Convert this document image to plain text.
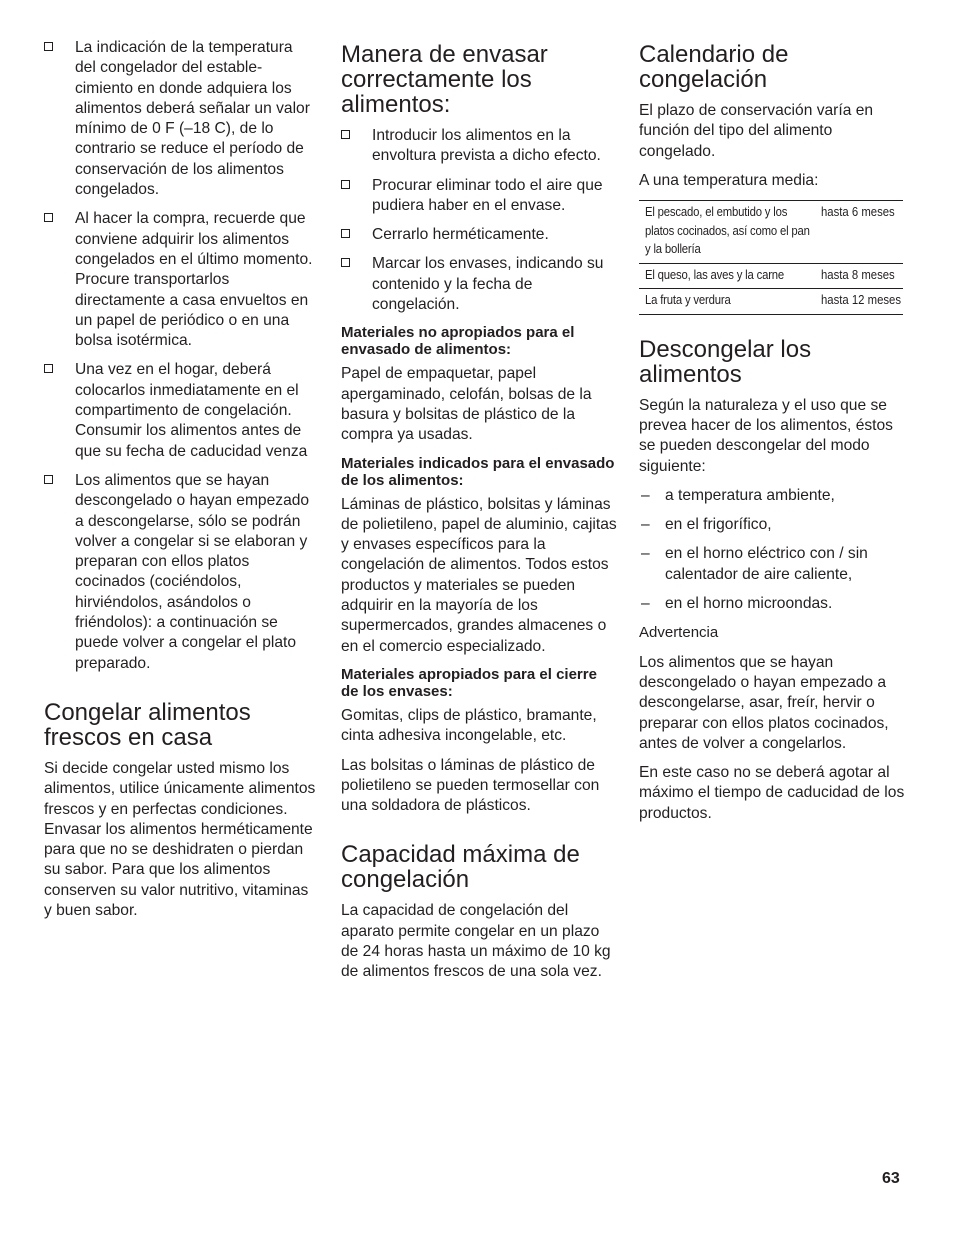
La indicación de la temperatura del congelador del estable- cimiento en donde adquiera los alimentos deberá señalar un valor mínimo de 0 F (–18 C), de lo contrario se reduce el período de conservación de los alimentos congelados.
Al hacer la compra, recuerde que conviene adquirir los alimentos congelados en el último momento. Procure transportarlos directamente a casa envueltos en un papel de periódico o en una bolsa isotérmica.
Una vez en el hogar, deberá colocarlos inmediatamente en el compartimento de congelación. Consumir los alimentos antes de que su fecha de caducidad venza
Los alimentos que se hayan descongelado o hayan empezado a descongelarse, sólo se podrán volver a congelar si se elaboran y preparan con ellos platos cocinados (cociéndolos, hirviéndolos, asándolos o friéndolos): a continuación se puede volver a congelar el plato preparado.
Congelar alimentos frescos en casa

Si decide congelar usted mismo los alimentos, utilice únicamente alimentos frescos y en perfectas condiciones. Envasar los alimentos herméticamente para que no se deshidraten o pierdan su sabor. Para que los alimentos conserven su valor nutritivo, vitaminas y buen sabor.

Manera de envasar correctamente los alimentos:
Introducir los alimentos en la envoltura prevista a dicho efecto.
Procurar eliminar todo el aire que pudiera haber en el envase.
Cerrarlo herméticamente.
Marcar los envases, indicando su contenido y la fecha de congelación.
Materiales no apropiados para el envasado de alimentos:

Papel de empaquetar, papel apergaminado, celofán, bolsas de la basura y bolsitas de plástico de la compra ya usadas.

Materiales indicados para el envasado de los alimentos:

Láminas de plástico, bolsitas y láminas de polietileno, papel de aluminio, cajitas y envases específicos para la congelación de alimentos. Todos estos productos y materiales se pueden adquirir en la mayoría de los supermercados, grandes almacenes o en el comercio especializado.

Materiales apropiados para el cierre de los envases:

Gomitas, clips de plástico, bramante, cinta adhesiva incongelable, etc.

Las bolsitas o láminas de plástico de polietileno se pueden termosellar con una soldadora de plásticos.

Capacidad máxima de congelación

La capacidad de congelación del aparato permite congelar en un plazo de 24 horas hasta un máximo de 10 kg de alimentos frescos de una sola vez.

Calendario de congelación

El plazo de conservación varía en función del tipo del alimento congelado.

A una temperatura media:

El pescado, el embutido y los platos cocinados, así como el pan y la bollería	hasta 6 meses
El queso, las aves y la carne	hasta 8 meses
La fruta y verdura	hasta 12 meses
Descongelar los alimentos

Según la naturaleza y el uso que se prevea hacer de los alimentos, éstos se pueden descongelar del modo siguiente:

– a temperatura ambiente,
– en el frigorífico,
– en el horno eléctrico con / sin calentador de aire caliente,
– en el horno microondas.

Advertencia

Los alimentos que se hayan descongelado o hayan empezado a descongelarse, asar, freír, hervir o preparar con ellos platos cocinados, antes de volver a congelarlos.

En este caso no se deberá agotar al máximo el tiempo de caducidad de los productos.

63
